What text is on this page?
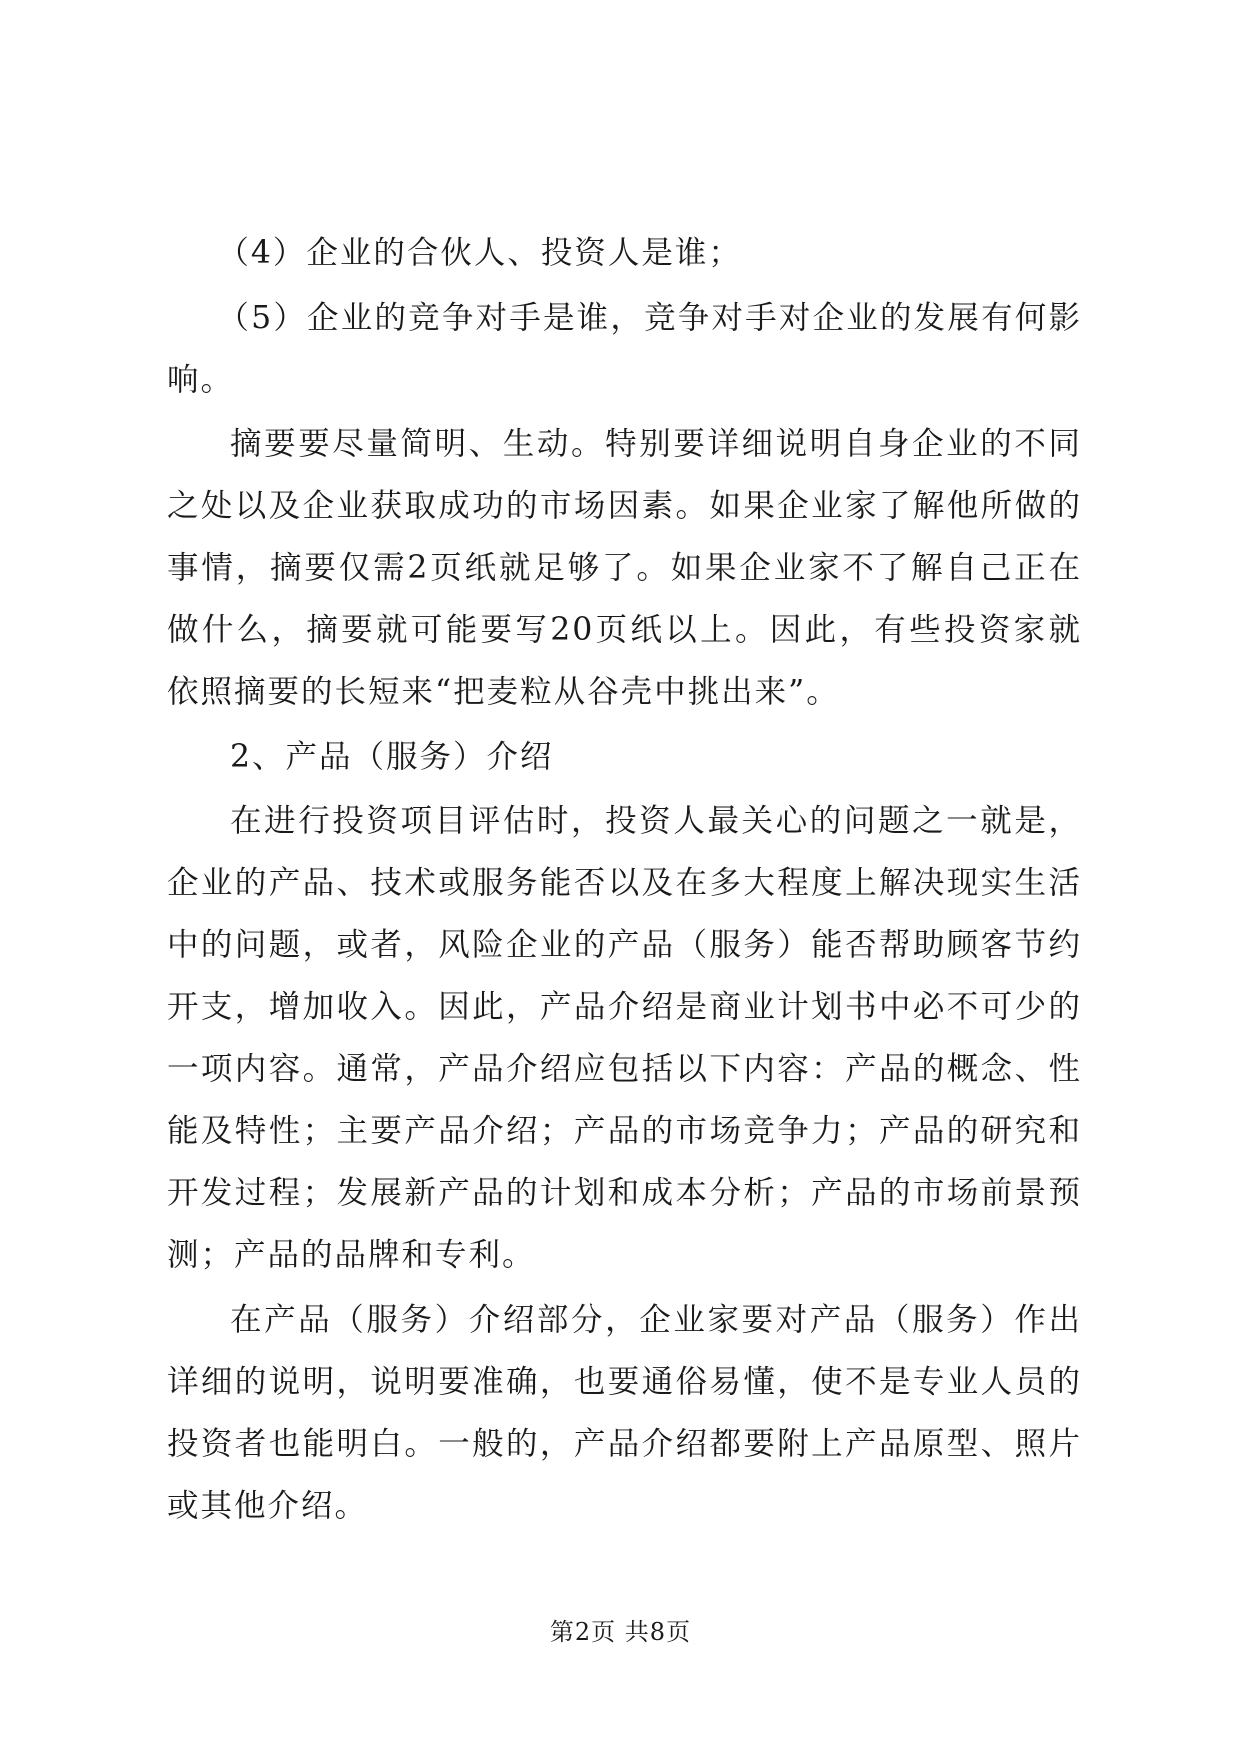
（4）企业的合伙人、投资人是谁；

（5）企业的竞争对手是谁，竞争对手对企业的发展有何影响。

摘要要尽量简明、生动。特别要详细说明自身企业的不同之处以及企业获取成功的市场因素。如果企业家了解他所做的事情，摘要仅需2页纸就足够了。如果企业家不了解自己正在做什么，摘要就可能要写20页纸以上。因此，有些投资家就依照摘要的长短来“把麦粒从谷壳中挑出来”。

2、产品（服务）介绍

在进行投资项目评估时，投资人最关心的问题之一就是，企业的产品、技术或服务能否以及在多大程度上解决现实生活中的问题，或者，风险企业的产品（服务）能否帮助顾客节约开支，增加收入。因此，产品介绍是商业计划书中必不可少的一项内容。通常，产品介绍应包括以下内容：产品的概念、性能及特性；主要产品介绍；产品的市场竞争力；产品的研究和开发过程；发展新产品的计划和成本分析；产品的市场前景预测；产品的品牌和专利。

在产品（服务）介绍部分，企业家要对产品（服务）作出详细的说明，说明要准确，也要通俗易懂，使不是专业人员的投资者也能明白。一般的，产品介绍都要附上产品原型、照片或其他介绍。

第2页 共8页
